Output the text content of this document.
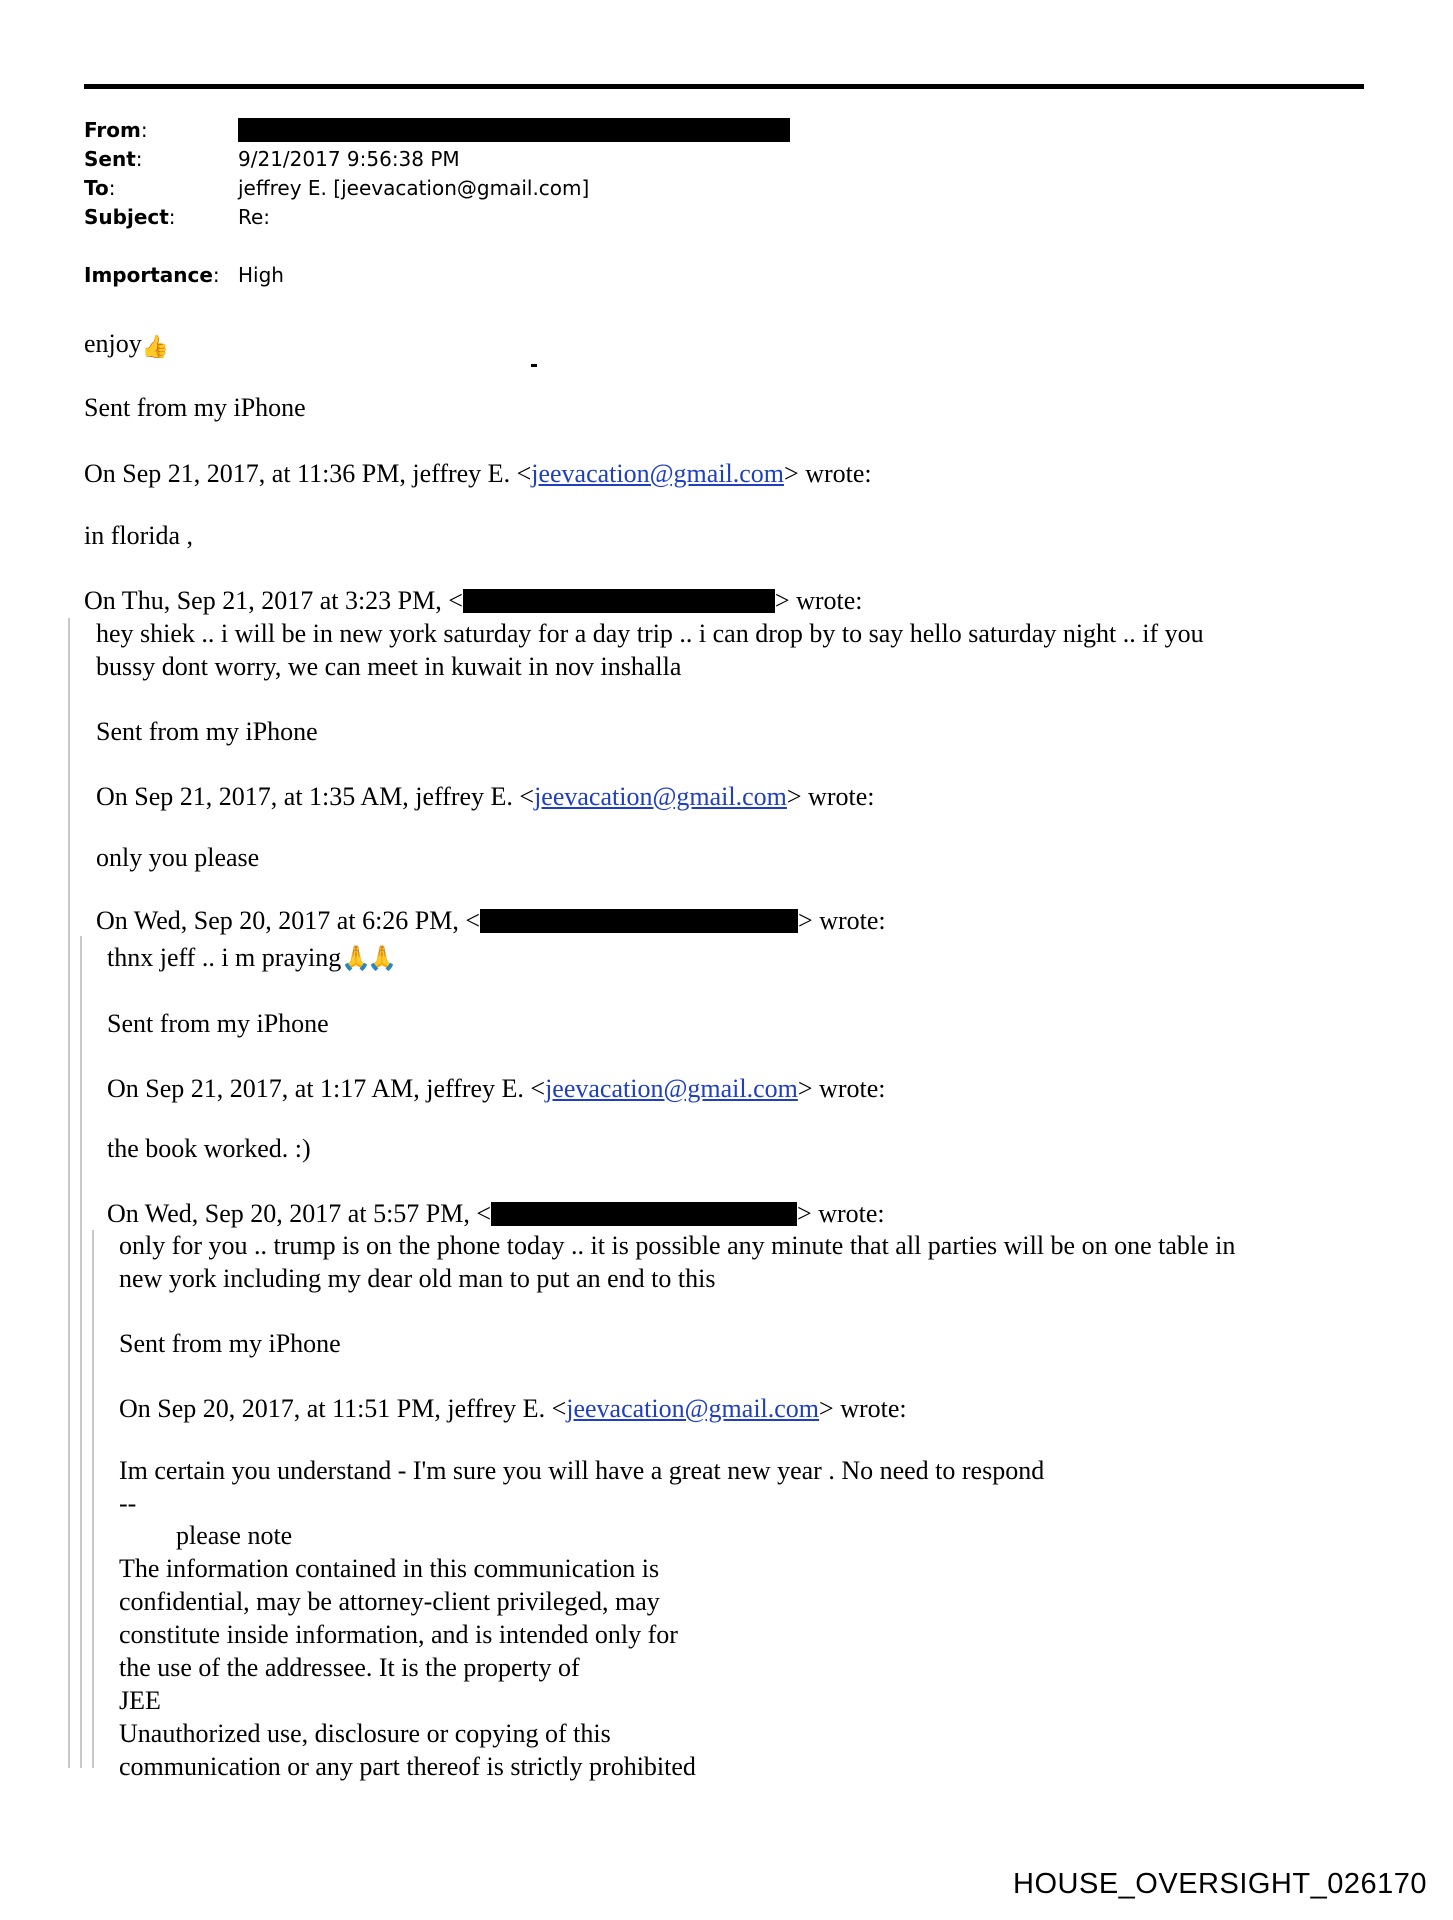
From:
Sent:	9/21/2017 9:56:38 PM
To:	jeffrey E. [jeevacation@gmail.com]
Subject:	Re:
Importance: High
enjoy👍
Sent from my iPhone
On Sep 21, 2017, at 11:36 PM, jeffrey E. <jeevacation@gmail.com> wrote:
in florida ,
On Thu, Sep 21, 2017 at 3:23 PM, <	> wrote:
hey shiek .. i will be in new york saturday for a day trip .. i can drop by to say hello saturday night .. if you
bussy dont worry, we can meet in kuwait in nov inshalla
Sent from my iPhone
On Sep 21, 2017, at 1:35 AM, jeffrey E. <jeevacation@gmail.com> wrote:
only you please
On Wed, Sep 20, 2017 at 6:26 PM, <	> wrote:
thnx jeff .. i m praying🙏🙏
Sent from my iPhone
On Sep 21, 2017, at 1:17 AM, jeffrey E. <jeevacation@gmail.com> wrote:
the book worked. :)
On Wed, Sep 20, 2017 at 5:57 PM, <	> wrote:
only for you .. trump is on the phone today .. it is possible any minute that all parties will be on one table in
new york including my dear old man to put an end to this
Sent from my iPhone
On Sep 20, 2017, at 11:51 PM, jeffrey E. <jeevacation@gmail.com> wrote:
Im certain you understand - I'm sure you will have a great new year . No need to respond
--
please note
The information contained in this communication is
confidential, may be attorney-client privileged, may
constitute inside information, and is intended only for
the use of the addressee. It is the property of
JEE
Unauthorized use, disclosure or copying of this
communication or any part thereof is strictly prohibited
HOUSE_OVERSIGHT_026170
